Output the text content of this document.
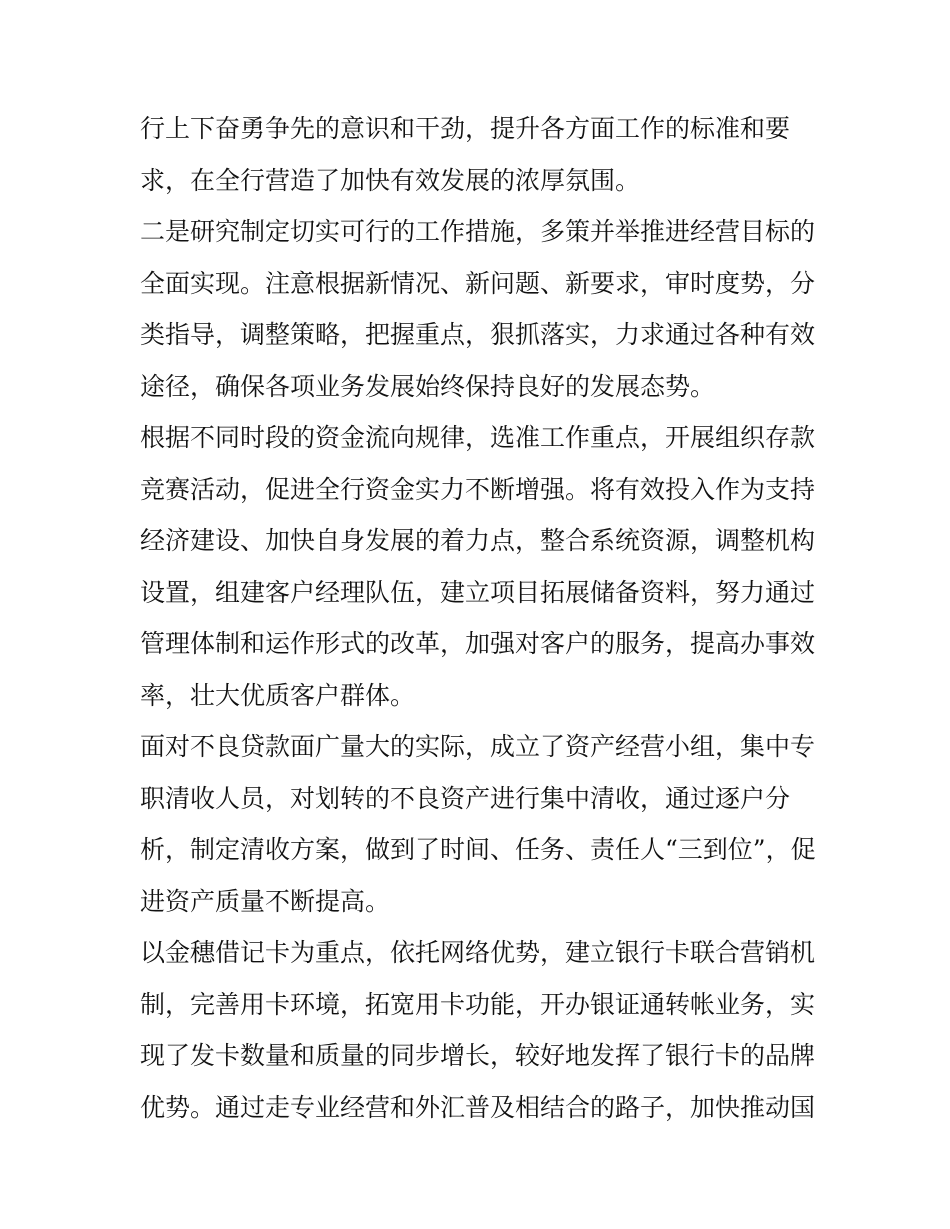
行上下奋勇争先的意识和干劲，提升各方面工作的标准和要
求，在全行营造了加快有效发展的浓厚氛围。
二是研究制定切实可行的工作措施，多策并举推进经营目标的
全面实现。注意根据新情况、新问题、新要求，审时度势，分
类指导，调整策略，把握重点，狠抓落实，力求通过各种有效
途径，确保各项业务发展始终保持良好的发展态势。
根据不同时段的资金流向规律，选准工作重点，开展组织存款
竞赛活动，促进全行资金实力不断增强。将有效投入作为支持
经济建设、加快自身发展的着力点，整合系统资源，调整机构
设置，组建客户经理队伍，建立项目拓展储备资料，努力通过
管理体制和运作形式的改革，加强对客户的服务，提高办事效
率，壮大优质客户群体。
面对不良贷款面广量大的实际，成立了资产经营小组，集中专
职清收人员，对划转的不良资产进行集中清收，通过逐户分
析，制定清收方案，做到了时间、任务、责任人“三到位”，促
进资产质量不断提高。
以金穗借记卡为重点，依托网络优势，建立银行卡联合营销机
制，完善用卡环境，拓宽用卡功能，开办银证通转帐业务，实
现了发卡数量和质量的同步增长，较好地发挥了银行卡的品牌
优势。通过走专业经营和外汇普及相结合的路子，加快推动国
